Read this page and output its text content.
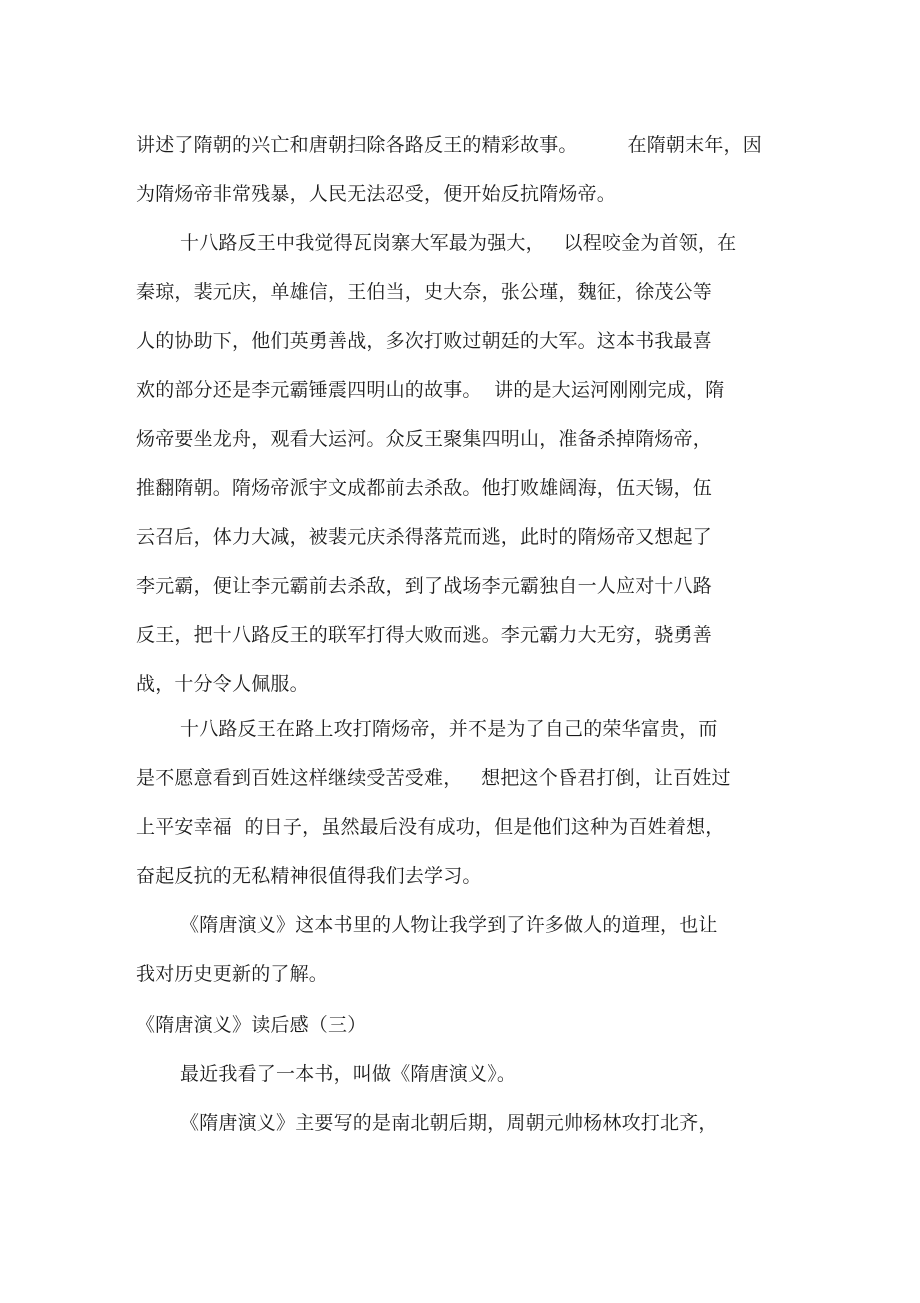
讲述了隋朝的兴亡和唐朝扫除各路反王的精彩故事。        在隋朝末年，因
为隋炀帝非常残暴，人民无法忍受，便开始反抗隋炀帝。
十八路反王中我觉得瓦岗寨大军最为强大，   以程咬金为首领，在
秦琼，裴元庆，单雄信，王伯当，史大奈，张公瑾，魏征，徐茂公等
人的协助下，他们英勇善战，多次打败过朝廷的大军。这本书我最喜
欢的部分还是李元霸锤震四明山的故事。  讲的是大运河刚刚完成，隋
炀帝要坐龙舟，观看大运河。众反王聚集四明山，准备杀掉隋炀帝，
推翻隋朝。隋炀帝派宇文成都前去杀敌。他打败雄阔海，伍天锡，伍
云召后，体力大减，被裴元庆杀得落荒而逃，此时的隋炀帝又想起了
李元霸，便让李元霸前去杀敌，到了战场李元霸独自一人应对十八路
反王，把十八路反王的联军打得大败而逃。李元霸力大无穷，骁勇善
战，十分令人佩服。
十八路反王在路上攻打隋炀帝，并不是为了自己的荣华富贵，而
是不愿意看到百姓这样继续受苦受难，   想把这个昏君打倒，让百姓过
上平安幸福  的日子，虽然最后没有成功，但是他们这种为百姓着想，
奋起反抗的无私精神很值得我们去学习。
《隋唐演义》这本书里的人物让我学到了许多做人的道理，也让
我对历史更新的了解。
《隋唐演义》读后感（三）
最近我看了一本书，叫做《隋唐演义》。
《隋唐演义》主要写的是南北朝后期，周朝元帅杨林攻打北齐，
